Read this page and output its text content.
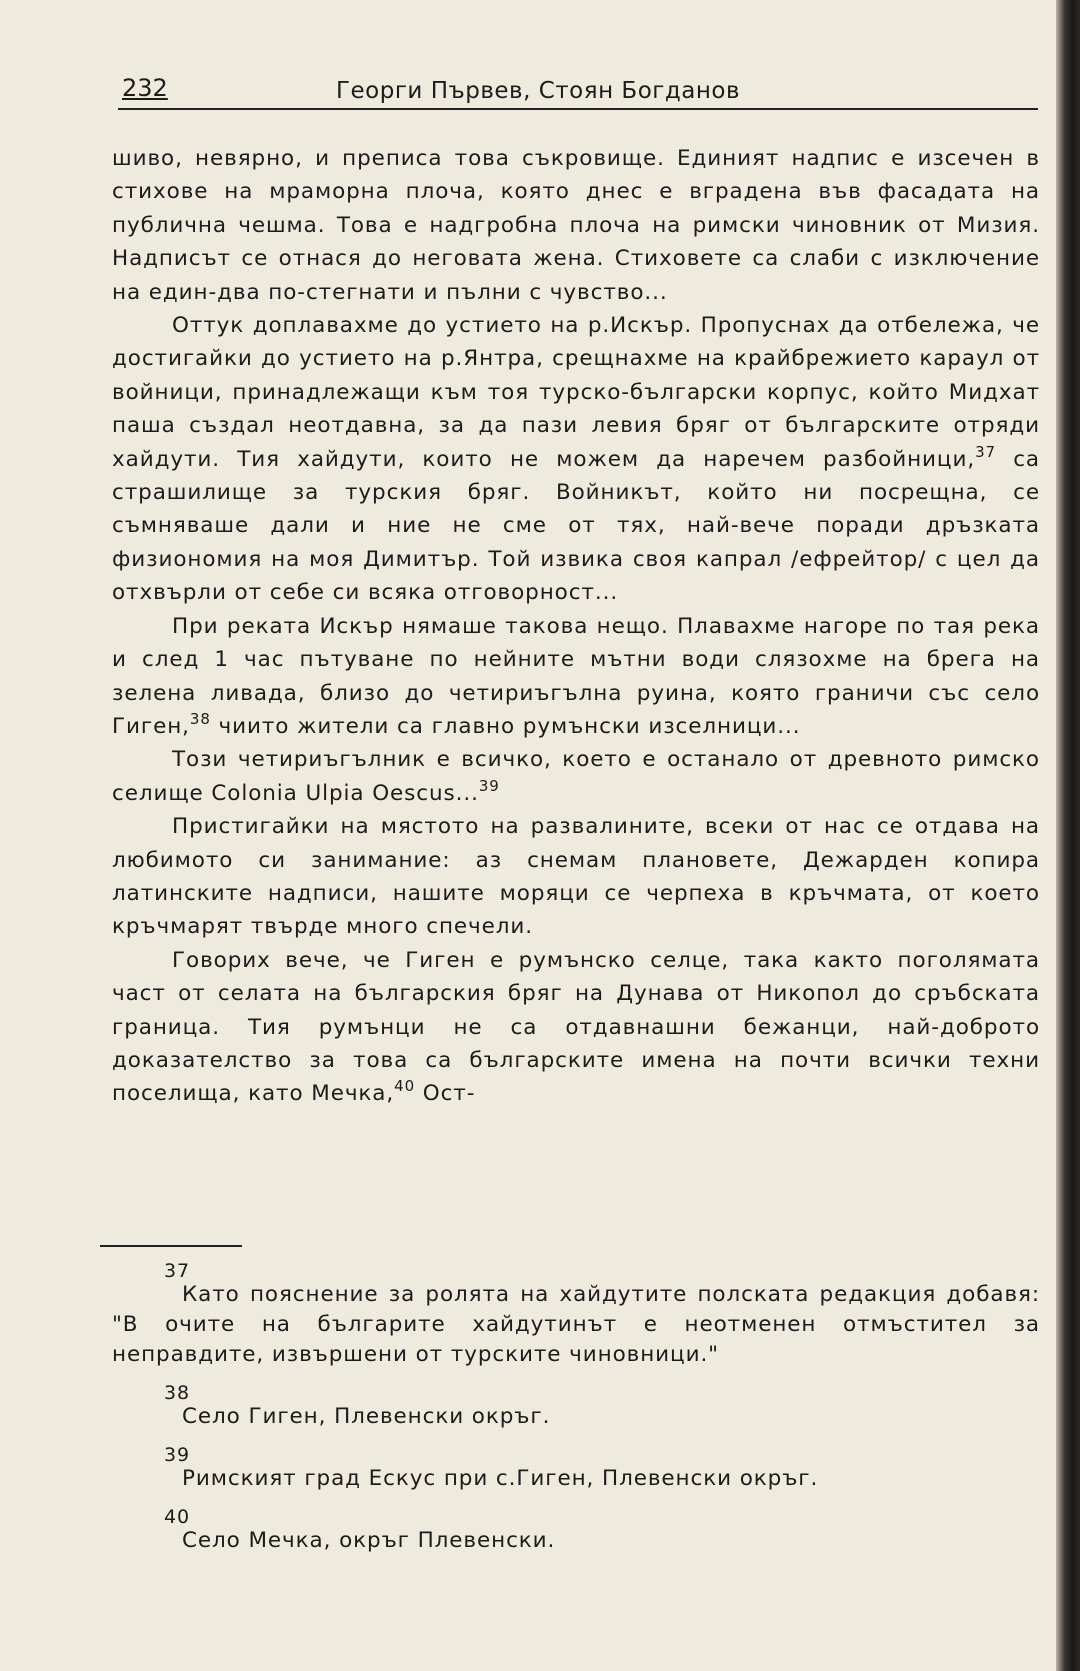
232	Георги Първев, Стоян Богданов

шиво, невярно, и преписа това съкровище. Единият надпис е изсечен в стихове на мраморна плоча, която днес е вградена във фасадата на публична чешма. Това е надгробна плоча на римски чиновник от Мизия. Надписът се отнася до неговата жена. Стиховете са слаби с изключение на един-два по-стегнати и пълни с чувство...

Оттук доплавахме до устието на р.Искър. Пропуснах да отбележа, че достигайки до устието на р.Янтра, срещнахме на крайбрежието караул от войници, принадлежащи към тоя турско-български корпус, който Мидхат паша създал неотдавна, за да пази левия бряг от българските отряди хайдути. Тия хайдути, които не можем да наречем разбойници,$^{37}$ са страшилище за турския бряг. Войникът, който ни посрещна, се съмняваше дали и ние не сме от тях, най-вече поради дръзката физиономия на моя Димитър. Той извика своя капрал /ефрейтор/ с цел да отхвърли от себе си всяка отговорност...

При реката Искър нямаше такова нещо. Плавахме нагоре по тая река и след 1 час пътуване по нейните мътни води слязохме на брега на зелена ливада, близо до четириъгълна руина, която граничи със село Гиген,$^{38}$ чиито жители са главно румънски изселници...

Този четириъгълник е всичко, което е останало от древното римско селище Colonia Ulpia Oescus...$^{39}$

Пристигайки на мястото на развалините, всеки от нас се отдава на любимото си занимание: аз снемам плановете, Дежарден копира латинските надписи, нашите моряци се черпеха в кръчмата, от което кръчмарят твърде много спечели.

Говорих вече, че Гиген е румънско селце, така както поголямата част от селата на българския бряг на Дунава от Никопол до сръбската граница. Тия румънци не са отдавнашни бежанци, най-доброто доказателство за това са българските имена на почти всички техни поселища, като Мечка,$^{40}$ Ост-

37
Като пояснение за ролята на хайдутите полската редакция добавя: "В очите на българите хайдутинът е неотменен отмъстител за неправдите, извършени от турските чиновници."
38
Село Гиген, Плевенски окръг.
39
Римският град Ескус при с.Гиген, Плевенски окръг.
40
Село Мечка, окръг Плевенски.
